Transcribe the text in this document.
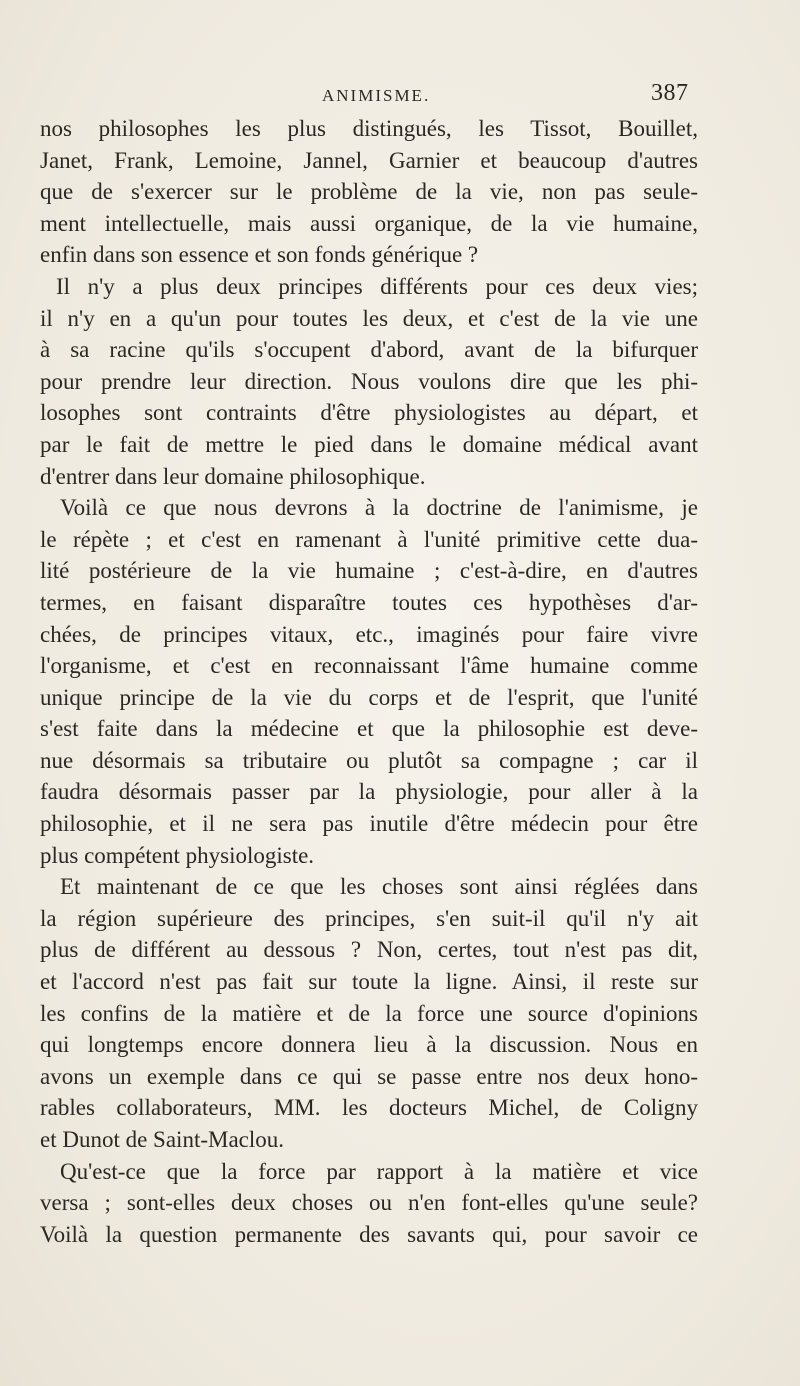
ANIMISME.	387
nos philosophes les plus distingués, les Tissot, Bouillet,
Janet, Frank, Lemoine, Jannel, Garnier et beaucoup d'autres
que de s'exercer sur le problème de la vie, non pas seule-
ment intellectuelle, mais aussi organique, de la vie humaine,
enfin dans son essence et son fonds générique ?
Il n'y a plus deux principes différents pour ces deux vies;
il n'y en a qu'un pour toutes les deux, et c'est de la vie une
à sa racine qu'ils s'occupent d'abord, avant de la bifurquer
pour prendre leur direction. Nous voulons dire que les phi-
losophes sont contraints d'être physiologistes au départ, et
par le fait de mettre le pied dans le domaine médical avant
d'entrer dans leur domaine philosophique.
Voilà ce que nous devrons à la doctrine de l'animisme, je
le répète ; et c'est en ramenant à l'unité primitive cette dua-
lité postérieure de la vie humaine ; c'est-à-dire, en d'autres
termes, en faisant disparaître toutes ces hypothèses d'ar-
chées, de principes vitaux, etc., imaginés pour faire vivre
l'organisme, et c'est en reconnaissant l'âme humaine comme
unique principe de la vie du corps et de l'esprit, que l'unité
s'est faite dans la médecine et que la philosophie est deve-
nue désormais sa tributaire ou plutôt sa compagne ; car il
faudra désormais passer par la physiologie, pour aller à la
philosophie, et il ne sera pas inutile d'être médecin pour être
plus compétent physiologiste.
Et maintenant de ce que les choses sont ainsi réglées dans
la région supérieure des principes, s'en suit-il qu'il n'y ait
plus de différent au dessous ? Non, certes, tout n'est pas dit,
et l'accord n'est pas fait sur toute la ligne. Ainsi, il reste sur
les confins de la matière et de la force une source d'opinions
qui longtemps encore donnera lieu à la discussion. Nous en
avons un exemple dans ce qui se passe entre nos deux hono-
rables collaborateurs, MM. les docteurs Michel, de Coligny
et Dunot de Saint-Maclou.
Qu'est-ce que la force par rapport à la matière et vice
versa ; sont-elles deux choses ou n'en font-elles qu'une seule?
Voilà la question permanente des savants qui, pour savoir ce
